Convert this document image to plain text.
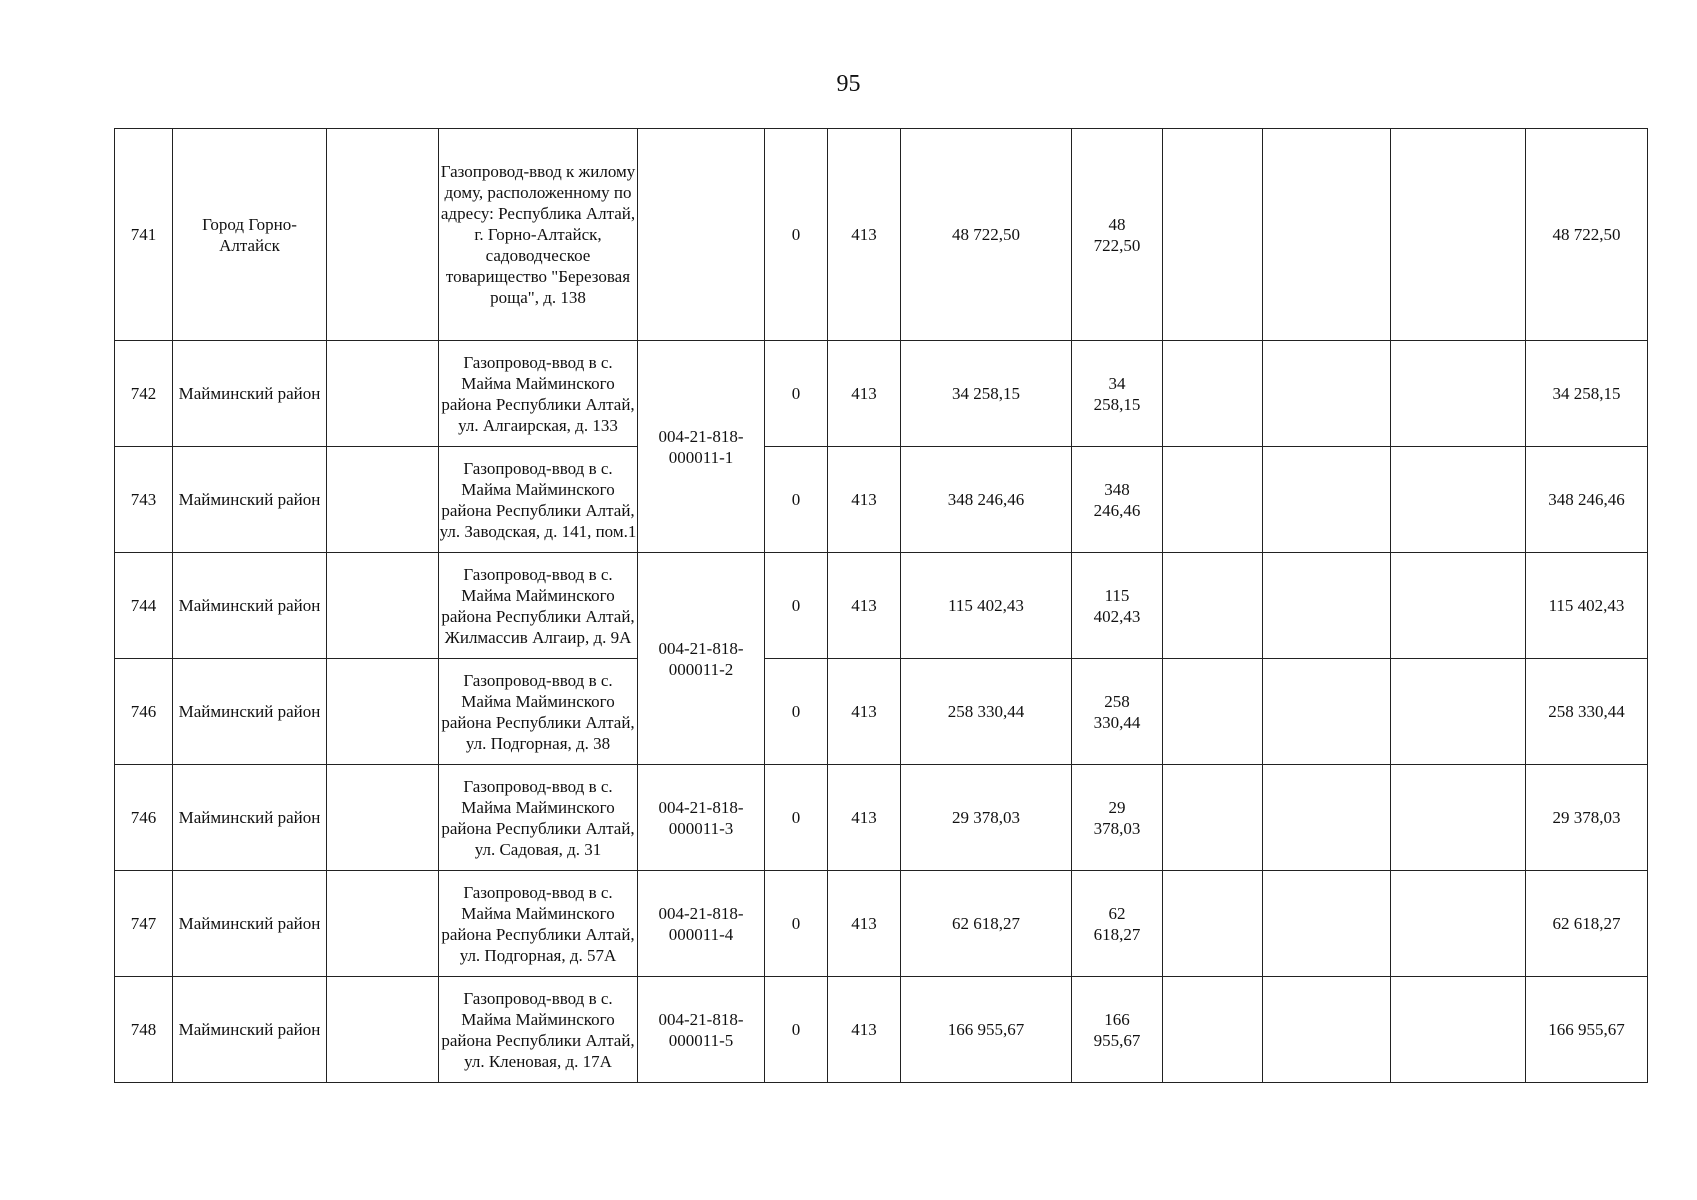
95
741	Город Горно-Алтайск		Газопровод-ввод к жилому дому, расположенному по адресу: Республика Алтай, г. Горно-Алтайск, садоводческое товарищество "Березовая роща", д. 138		0	413	48 722,50	48 722,50				48 722,50
742	Майминский район		Газопровод-ввод в с. Майма Майминского района Республики Алтай, ул. Алгаирская, д. 133	004-21-818-000011-1	0	413	34 258,15	34 258,15				34 258,15
743	Майминский район		Газопровод-ввод в с. Майма Майминского района Республики Алтай, ул. Заводская, д. 141, пом.1		0	413	348 246,46	348 246,46				348 246,46
744	Майминский район		Газопровод-ввод в с. Майма Майминского района Республики Алтай, Жилмассив Алгаир, д. 9А	004-21-818-000011-2	0	413	115 402,43	115 402,43				115 402,43
746	Майминский район		Газопровод-ввод в с. Майма Майминского района Республики Алтай, ул. Подгорная, д. 38		0	413	258 330,44	258 330,44				258 330,44
746	Майминский район		Газопровод-ввод в с. Майма Майминского района Республики Алтай, ул. Садовая, д. 31	004-21-818-000011-3	0	413	29 378,03	29 378,03				29 378,03
747	Майминский район		Газопровод-ввод в с. Майма Майминского района Республики Алтай, ул. Подгорная, д. 57А	004-21-818-000011-4	0	413	62 618,27	62 618,27				62 618,27
748	Майминский район		Газопровод-ввод в с. Майма Майминского района Республики Алтай, ул. Кленовая, д. 17А	004-21-818-000011-5	0	413	166 955,67	166 955,67				166 955,67
